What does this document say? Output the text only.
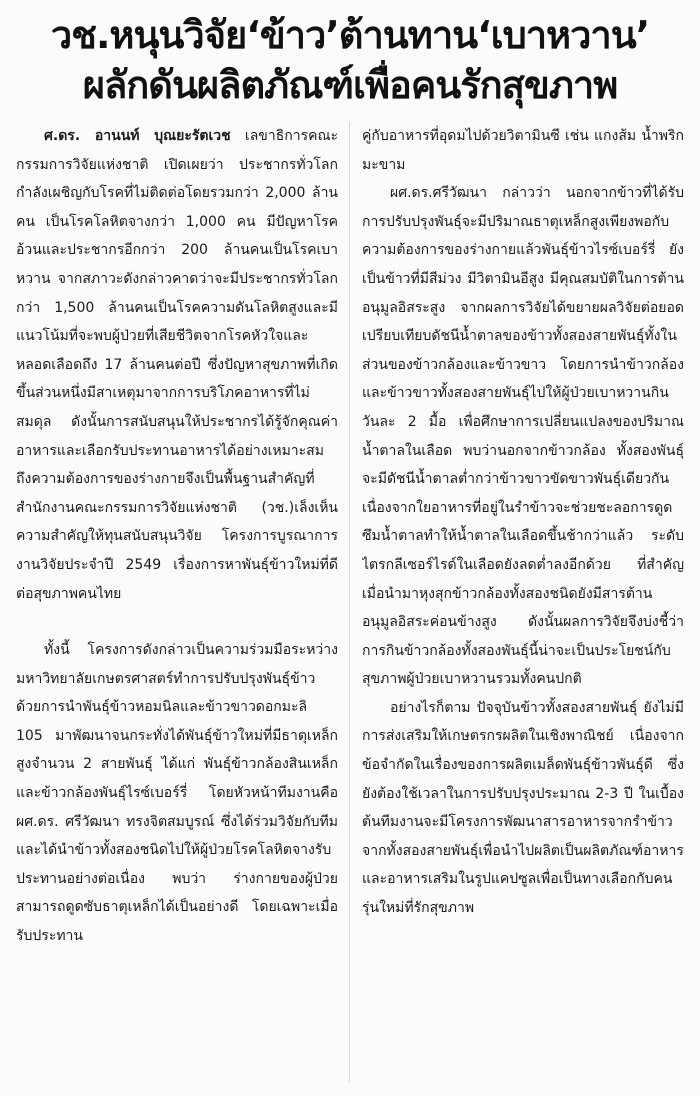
วช.หนุนวิจัย‘ข้าว’ต้านทาน‘เบาหวาน’
ผลักดันผลิตภัณฑ์เพื่อคนรักสุขภาพ

ศ.ดร. อานนท์ บุณยะรัตเวช เลขาธิการคณะกรรมการวิจัยแห่งชาติ เปิดเผยว่า ประชากรทั่วโลกกำลังเผชิญกับโรคที่ไม่ติดต่อโดยรวมกว่า 2,000 ล้านคน เป็นโรคโลหิตจางกว่า 1,000 คน มีปัญหาโรคอ้วนและประชากรอีกกว่า 200 ล้านคนเป็นโรคเบาหวาน จากสภาวะดังกล่าวคาดว่าจะมีประชากรทั่วโลกกว่า 1,500 ล้านคนเป็นโรคความดันโลหิตสูงและมีแนวโน้มที่จะพบผู้ป่วยที่เสียชีวิตจากโรคหัวใจและหลอดเลือดถึง 17 ล้านคนต่อปี ซึ่งปัญหาสุขภาพที่เกิดขึ้นส่วนหนึ่งมีสาเหตุมาจากการบริโภคอาหารที่ไม่สมดุล ดังนั้นการสนับสนุนให้ประชากรได้รู้จักคุณค่าอาหารและเลือกรับประทานอาหารได้อย่างเหมาะสมถึงความต้องการของร่างกายจึงเป็นพื้นฐานสำคัญที่สำนักงานคณะกรรมการวิจัยแห่งชาติ (วช.)เล็งเห็นความสำคัญให้ทุนสนับสนุนวิจัย โครงการบูรณาการงานวิจัยประจำปี 2549 เรื่องการหาพันธุ์ข้าวใหม่ที่ดีต่อสุขภาพคนไทย

ทั้งนี้ โครงการดังกล่าวเป็นความร่วมมือระหว่างมหาวิทยาลัยเกษตรศาสตร์ทำการปรับปรุงพันธุ์ข้าวด้วยการนำพันธุ์ข้าวหอมนิลและข้าวขาวดอกมะลิ 105 มาพัฒนาจนกระทั่งได้พันธุ์ข้าวใหม่ที่มีธาตุเหล็กสูงจำนวน 2 สายพันธุ์ ได้แก่ พันธุ์ข้าวกล้องสินเหล็กและข้าวกล้องพันธุ์ไรซ์เบอร์รี่ โดยหัวหน้าทีมงานคือ ผศ.ดร. ศรีวัฒนา ทรงจิตสมบูรณ์ ซึ่งได้ร่วมวิจัยกับทีมและได้นำข้าวทั้งสองชนิดไปให้ผู้ป่วยโรคโลหิตจางรับประทานอย่างต่อเนื่อง พบว่า ร่างกายของผู้ป่วยสามารถดูดซับธาตุเหล็กได้เป็นอย่างดี โดยเฉพาะเมื่อรับประทาน

คู่กับอาหารที่อุดมไปด้วยวิตามินซี เช่น แกงส้ม น้ำพริกมะขาม

ผศ.ดร.ศรีวัฒนา กล่าวว่า นอกจากข้าวที่ได้รับการปรับปรุงพันธุ์จะมีปริมาณธาตุเหล็กสูงเพียงพอกับความต้องการของร่างกายแล้วพันธุ์ข้าวไรซ์เบอร์รี่ ยังเป็นข้าวที่มีสีม่วง มีวิตามินอีสูง มีคุณสมบัติในการต้านอนุมูลอิสระสูง จากผลการวิจัยได้ขยายผลวิจัยต่อยอดเปรียบเทียบดัชนีน้ำตาลของข้าวทั้งสองสายพันธุ์ทั้งในส่วนของข้าวกล้องและข้าวขาว โดยการนำข้าวกล้องและข้าวขาวทั้งสองสายพันธุ์ไปให้ผู้ป่วยเบาหวานกินวันละ 2 มื้อ เพื่อศึกษาการเปลี่ยนแปลงของปริมาณน้ำตาลในเลือด พบว่านอกจากข้าวกล้อง ทั้งสองพันธุ์จะมีดัชนีน้ำตาลต่ำกว่าข้าวขาวขัดขาวพันธุ์เดียวกันเนื่องจากใยอาหารที่อยู่ในรำข้าวจะช่วยชะลอการดูดซึมน้ำตาลทำให้น้ำตาลในเลือดขึ้นช้ากว่าแล้ว ระดับไตรกลีเซอร์ไรด์ในเลือดยังลดต่ำลงอีกด้วย ที่สำคัญเมื่อนำมาหุงสุกข้าวกล้องทั้งสองชนิดยังมีสารต้านอนุมูลอิสระค่อนข้างสูง ดังนั้นผลการวิจัยจึงบ่งชี้ว่า การกินข้าวกล้องทั้งสองพันธุ์นี้น่าจะเป็นประโยชน์กับสุขภาพผู้ป่วยเบาหวานรวมทั้งคนปกติ

อย่างไรก็ตาม ปัจจุบันข้าวทั้งสองสายพันธุ์ ยังไม่มีการส่งเสริมให้เกษตรกรผลิตในเชิงพาณิชย์ เนื่องจากข้อจำกัดในเรื่องของการผลิตเมล็ดพันธุ์ข้าวพันธุ์ดี ซึ่งยังต้องใช้เวลาในการปรับปรุงประมาณ 2-3 ปี ในเบื้องต้นทีมงานจะมีโครงการพัฒนาสารอาหารจากรำข้าวจากทั้งสองสายพันธุ์เพื่อนำไปผลิตเป็นผลิตภัณฑ์อาหารและอาหารเสริมในรูปแคปซูลเพื่อเป็นทางเลือกกับคนรุ่นใหม่ที่รักสุขภาพ
